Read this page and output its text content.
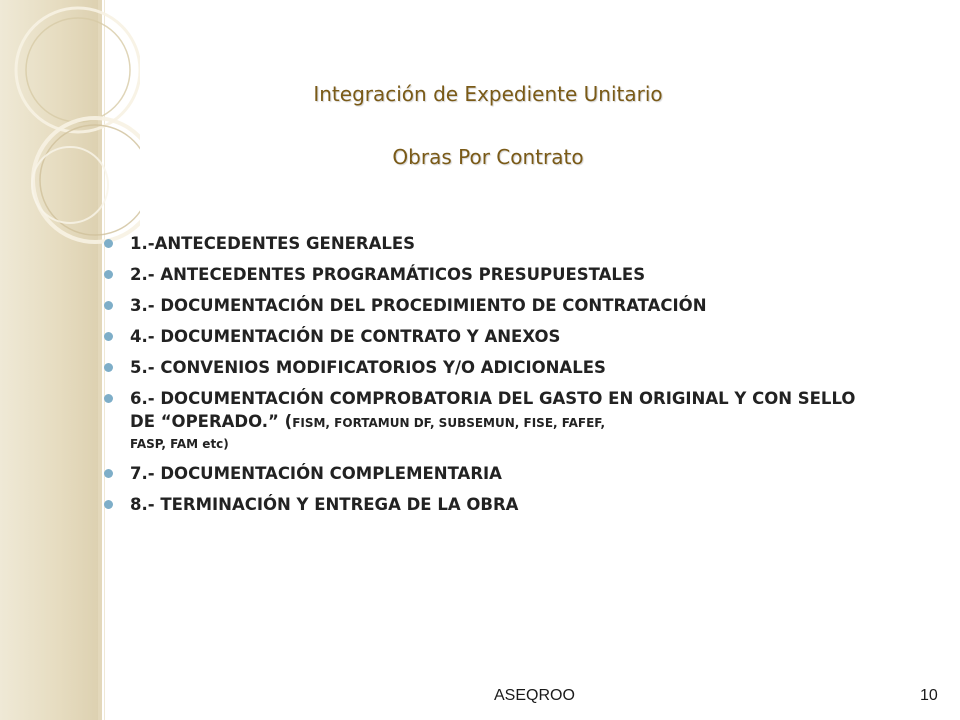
Integración de Expediente Unitario
Obras Por Contrato
1.-ANTECEDENTES GENERALES
2.- ANTECEDENTES PROGRAMÁTICOS PRESUPUESTALES
3.- DOCUMENTACIÓN DEL PROCEDIMIENTO DE CONTRATACIÓN
4.- DOCUMENTACIÓN DE CONTRATO Y ANEXOS
5.- CONVENIOS MODIFICATORIOS Y/O ADICIONALES
6.- DOCUMENTACIÓN COMPROBATORIA DEL GASTO EN ORIGINAL Y CON SELLO DE “OPERADO.” (FISM, FORTAMUN DF, SUBSEMUN, FISE, FAFEF,
FASP, FAM etc)
7.- DOCUMENTACIÓN COMPLEMENTARIA
8.- TERMINACIÓN Y ENTREGA DE LA OBRA
ASEQROO	10
